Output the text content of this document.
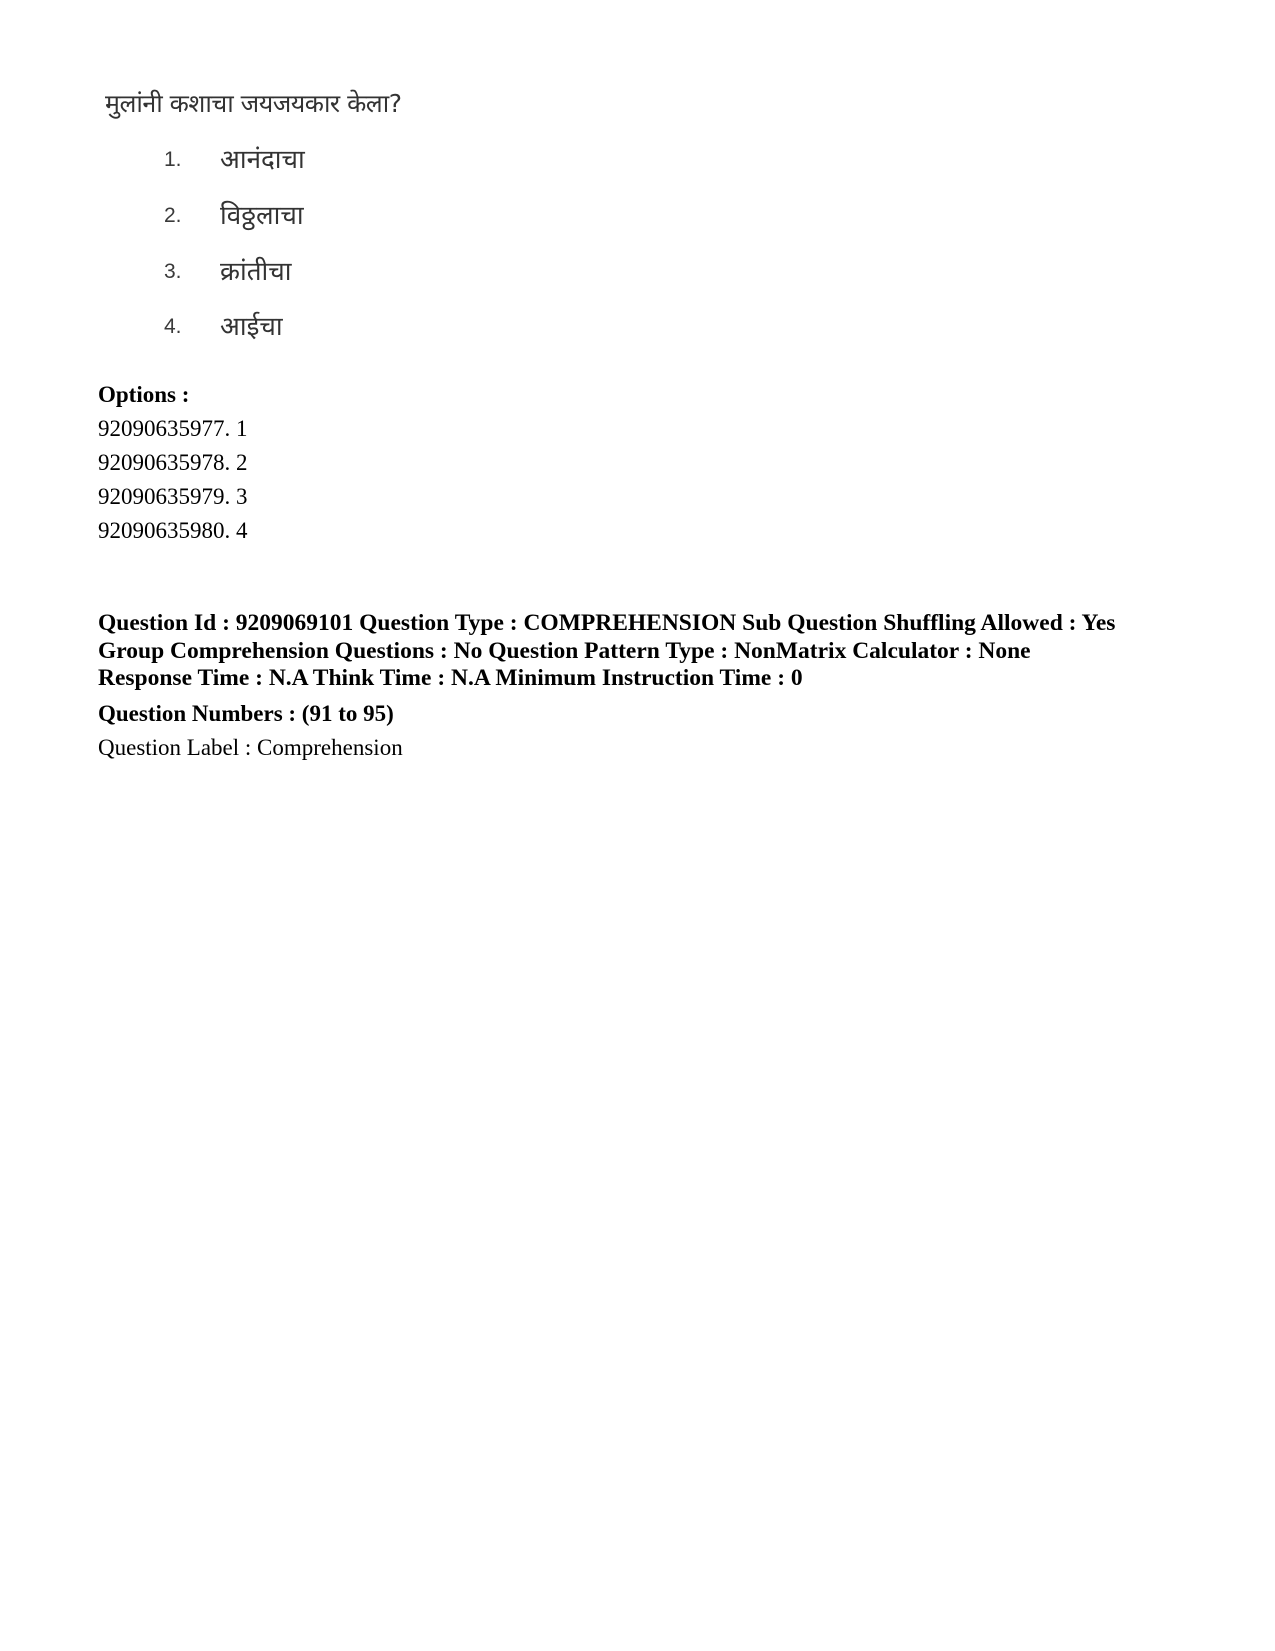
मुलांनी कशाचा जयजयकार केला?
1. आनंदाचा
2. विठ्ठलाचा
3. क्रांतीचा
4. आईचा
Options :
92090635977. 1
92090635978. 2
92090635979. 3
92090635980. 4
Question Id : 9209069101 Question Type : COMPREHENSION Sub Question Shuffling Allowed : Yes
Group Comprehension Questions : No Question Pattern Type : NonMatrix Calculator : None
Response Time : N.A Think Time : N.A Minimum Instruction Time : 0
Question Numbers : (91 to 95)
Question Label : Comprehension
